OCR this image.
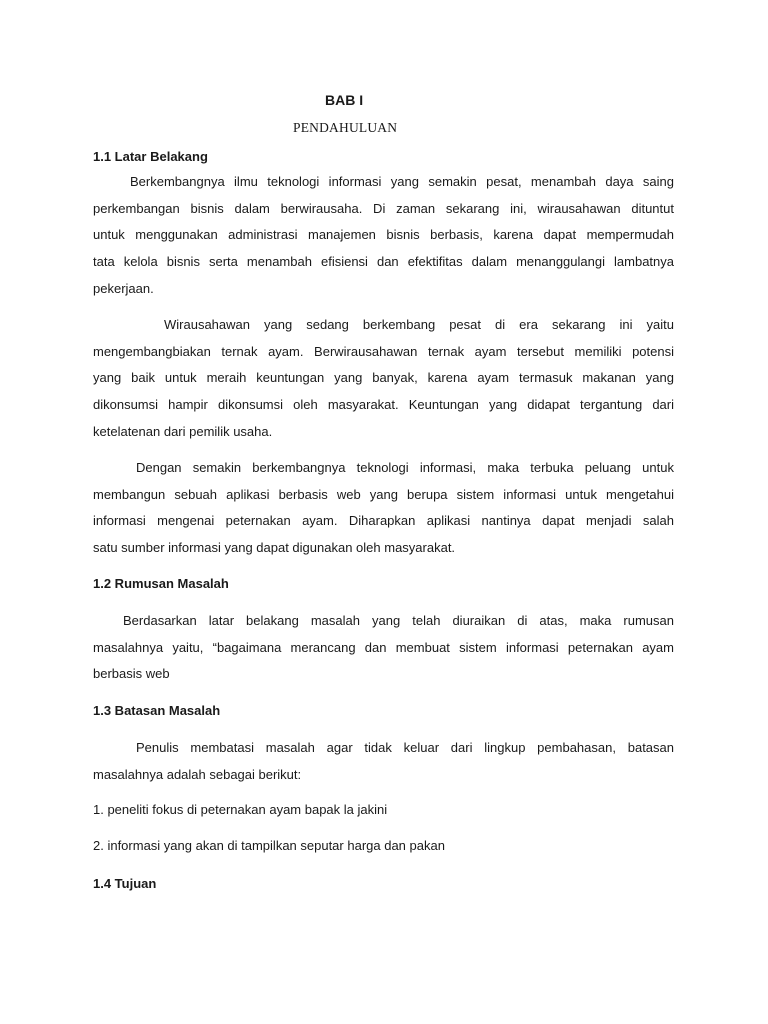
BAB I
PENDAHULUAN
1.1 Latar Belakang
Berkembangnya ilmu teknologi informasi yang semakin pesat, menambah daya saing
perkembangan bisnis dalam berwirausaha. Di zaman sekarang ini, wirausahawan dituntut
untuk menggunakan administrasi manajemen bisnis berbasis, karena dapat mempermudah
tata kelola bisnis serta menambah efisiensi dan efektifitas dalam menanggulangi lambatnya
pekerjaan.
Wirausahawan yang sedang berkembang pesat di era sekarang ini yaitu
mengembangbiakan ternak ayam. Berwirausahawan ternak ayam tersebut memiliki potensi
yang baik untuk meraih keuntungan yang banyak, karena ayam termasuk makanan yang
dikonsumsi hampir dikonsumsi oleh masyarakat. Keuntungan yang didapat tergantung dari
ketelatenan dari pemilik usaha.
Dengan semakin berkembangnya teknologi informasi, maka terbuka peluang untuk
membangun sebuah aplikasi berbasis web yang berupa sistem informasi untuk mengetahui
informasi mengenai peternakan ayam. Diharapkan aplikasi nantinya dapat menjadi salah
satu sumber informasi yang dapat digunakan oleh masyarakat.
1.2 Rumusan Masalah
Berdasarkan latar belakang masalah yang telah diuraikan di atas, maka rumusan
masalahnya yaitu, “bagaimana merancang dan membuat sistem informasi peternakan ayam
berbasis web
1.3 Batasan Masalah
Penulis membatasi masalah agar tidak keluar dari lingkup pembahasan, batasan
masalahnya adalah sebagai berikut:
1. peneliti fokus di peternakan ayam bapak la jakini
2. informasi yang akan di tampilkan seputar harga dan pakan
1.4 Tujuan
